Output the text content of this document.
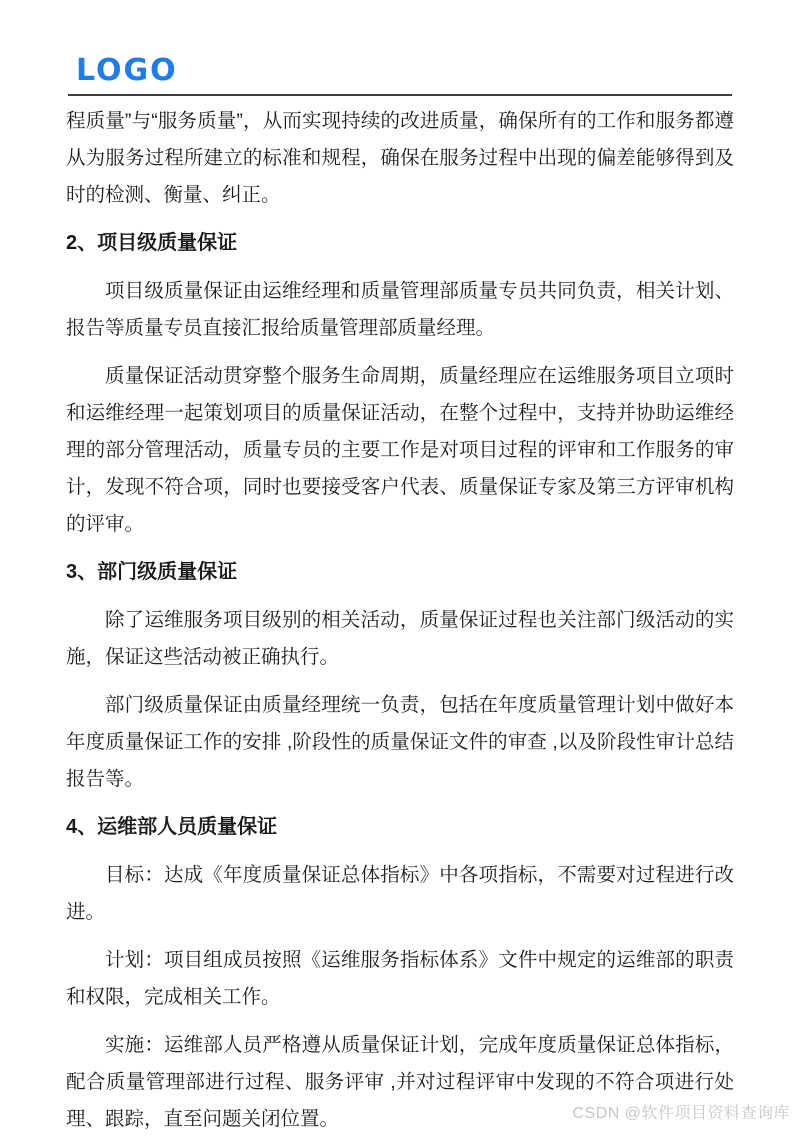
LOGO

程质量”与“服务质量”，从而实现持续的改进质量，确保所有的工作和服务都遵从为服务过程所建立的标准和规程，确保在服务过程中出现的偏差能够得到及时的检测、衡量、纠正。

2、项目级质量保证

项目级质量保证由运维经理和质量管理部质量专员共同负责，相关计划、报告等质量专员直接汇报给质量管理部质量经理。

质量保证活动贯穿整个服务生命周期，质量经理应在运维服务项目立项时和运维经理一起策划项目的质量保证活动，在整个过程中，支持并协助运维经理的部分管理活动，质量专员的主要工作是对项目过程的评审和工作服务的审计，发现不符合项，同时也要接受客户代表、质量保证专家及第三方评审机构的评审。

3、部门级质量保证

除了运维服务项目级别的相关活动，质量保证过程也关注部门级活动的实施，保证这些活动被正确执行。

部门级质量保证由质量经理统一负责，包括在年度质量管理计划中做好本年度质量保证工作的安排 ,阶段性的质量保证文件的审查 ,以及阶段性审计总结报告等。

4、运维部人员质量保证

目标：达成《年度质量保证总体指标》中各项指标，不需要对过程进行改进。

计划：项目组成员按照《运维服务指标体系》文件中规定的运维部的职责和权限，完成相关工作。

实施：运维部人员严格遵从质量保证计划，完成年度质量保证总体指标，配合质量管理部进行过程、服务评审 ,并对过程评审中发现的不符合项进行处理、跟踪，直至问题关闭位置。	CSDN @软件项目资料查询库
